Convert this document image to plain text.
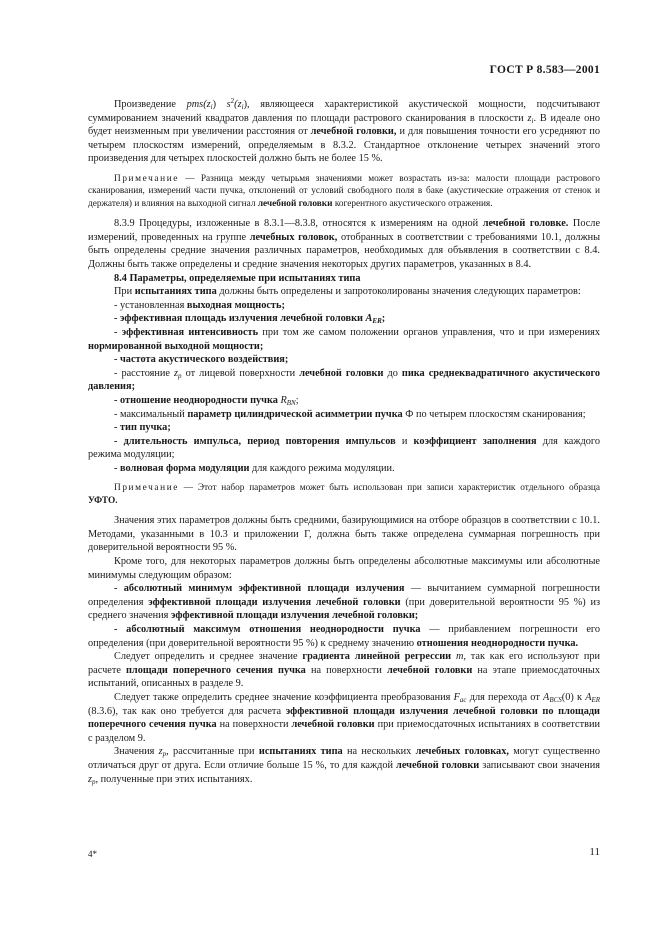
ГОСТ Р 8.583—2001

Произведение $pms(z_i)$ $s^2(z_i)$, являющееся характеристикой акустической мощности, подсчитывают суммированием значений квадратов давления по площади растрового сканирования в плоскости $z_i$. В идеале оно будет неизменным при увеличении расстояния от лечебной головки, и для повышения точности его усредняют по четырем плоскостям измерений, определяемым в 8.3.2. Стандартное отклонение четырех значений этого произведения для четырех плоскостей должно быть не более 15 %.

Примечание — Разница между четырьмя значениями может возрастать из-за: малости площади растрового сканирования, измерений части пучка, отклонений от условий свободного поля в баке (акустические отражения от стенок и держателя) и влияния на выходной сигнал лечебной головки когерентного акустического отражения.

8.3.9 Процедуры, изложенные в 8.3.1—8.3.8, относятся к измерениям на одной лечебной головке. После измерений, проведенных на группе лечебных головок, отобранных в соответствии с требованиями 10.1, должны быть определены средние значения различных параметров, необходимых для объявления в соответствии с 8.4. Должны быть также определены и средние значения некоторых других параметров, указанных в 8.4.

8.4 Параметры, определяемые при испытаниях типа

При испытаниях типа должны быть определены и запротоколированы значения следующих параметров:

- установленная выходная мощность;

- эффективная площадь излучения лечебной головки $A_{ER}$;

- эффективная интенсивность при том же самом положении органов управления, что и при измерениях нормированной выходной мощности;

- частота акустического воздействия;

- расстояние $z_p$ от лицевой поверхности лечебной головки до пика среднеквадратичного акустического давления;

- отношение неоднородности пучка $R_{BN}$;

- максимальный параметр цилиндрической асимметрии пучка Ф по четырем плоскостям сканирования;

- тип пучка;

- длительность импульса, период повторения импульсов и коэффициент заполнения для каждого режима модуляции;

- волновая форма модуляции для каждого режима модуляции.

Примечание — Этот набор параметров может быть использован при записи характеристик отдельного образца УФТО.

Значения этих параметров должны быть средними, базирующимися на отборе образцов в соответствии с 10.1. Методами, указанными в 10.3 и приложении Г, должна быть также определена суммарная погрешность при доверительной вероятности 95 %.

Кроме того, для некоторых параметров должны быть определены абсолютные максимумы или абсолютные минимумы следующим образом:

- абсолютный минимум эффективной площади излучения — вычитанием суммарной погрешности определения эффективной площади излучения лечебной головки (при доверительной вероятности 95 %) из среднего значения эффективной площади излучения лечебной головки;

- абсолютный максимум отношения неоднородности пучка — прибавлением погрешности его определения (при доверительной вероятности 95 %) к среднему значению отношения неоднородности пучка.

Следует определить и среднее значение градиента линейной регрессии m, так как его используют при расчете площади поперечного сечения пучка на поверхности лечебной головки на этапе приемосдаточных испытаний, описанных в разделе 9.

Следует также определить среднее значение коэффициента преобразования $F_{ac}$ для перехода от $A_{BCS}(0)$ к $A_{ER}$ (8.3.6), так как оно требуется для расчета эффективной площади излучения лечебной головки по площади поперечного сечения пучка на поверхности лечебной головки при приемосдаточных испытаниях в соответствии с разделом 9.

Значения $z_p$, рассчитанные при испытаниях типа на нескольких лечебных головках, могут существенно отличаться друг от друга. Если отличие больше 15 %, то для каждой лечебной головки записывают свои значения $z_p$, полученные при этих испытаниях.

4*	11
